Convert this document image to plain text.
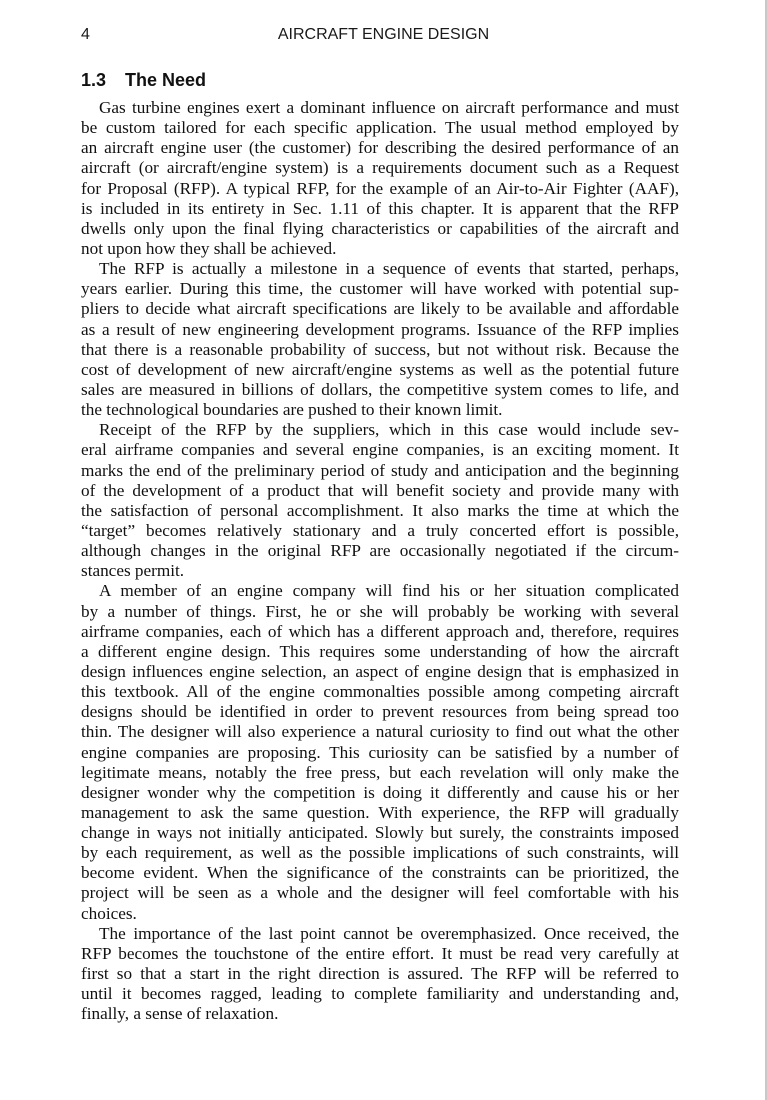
4	AIRCRAFT ENGINE DESIGN
1.3 The Need
Gas turbine engines exert a dominant influence on aircraft performance and must
be custom tailored for each specific application. The usual method employed by
an aircraft engine user (the customer) for describing the desired performance of an
aircraft (or aircraft/engine system) is a requirements document such as a Request
for Proposal (RFP). A typical RFP, for the example of an Air-to-Air Fighter (AAF),
is included in its entirety in Sec. 1.11 of this chapter. It is apparent that the RFP
dwells only upon the final flying characteristics or capabilities of the aircraft and
not upon how they shall be achieved.
The RFP is actually a milestone in a sequence of events that started, perhaps,
years earlier. During this time, the customer will have worked with potential sup-
pliers to decide what aircraft specifications are likely to be available and affordable
as a result of new engineering development programs. Issuance of the RFP implies
that there is a reasonable probability of success, but not without risk. Because the
cost of development of new aircraft/engine systems as well as the potential future
sales are measured in billions of dollars, the competitive system comes to life, and
the technological boundaries are pushed to their known limit.
Receipt of the RFP by the suppliers, which in this case would include sev-
eral airframe companies and several engine companies, is an exciting moment. It
marks the end of the preliminary period of study and anticipation and the beginning
of the development of a product that will benefit society and provide many with
the satisfaction of personal accomplishment. It also marks the time at which the
“target” becomes relatively stationary and a truly concerted effort is possible,
although changes in the original RFP are occasionally negotiated if the circum-
stances permit.
A member of an engine company will find his or her situation complicated
by a number of things. First, he or she will probably be working with several
airframe companies, each of which has a different approach and, therefore, requires
a different engine design. This requires some understanding of how the aircraft
design influences engine selection, an aspect of engine design that is emphasized in
this textbook. All of the engine commonalties possible among competing aircraft
designs should be identified in order to prevent resources from being spread too
thin. The designer will also experience a natural curiosity to find out what the other
engine companies are proposing. This curiosity can be satisfied by a number of
legitimate means, notably the free press, but each revelation will only make the
designer wonder why the competition is doing it differently and cause his or her
management to ask the same question. With experience, the RFP will gradually
change in ways not initially anticipated. Slowly but surely, the constraints imposed
by each requirement, as well as the possible implications of such constraints, will
become evident. When the significance of the constraints can be prioritized, the
project will be seen as a whole and the designer will feel comfortable with his
choices.
The importance of the last point cannot be overemphasized. Once received, the
RFP becomes the touchstone of the entire effort. It must be read very carefully at
first so that a start in the right direction is assured. The RFP will be referred to
until it becomes ragged, leading to complete familiarity and understanding and,
finally, a sense of relaxation.
